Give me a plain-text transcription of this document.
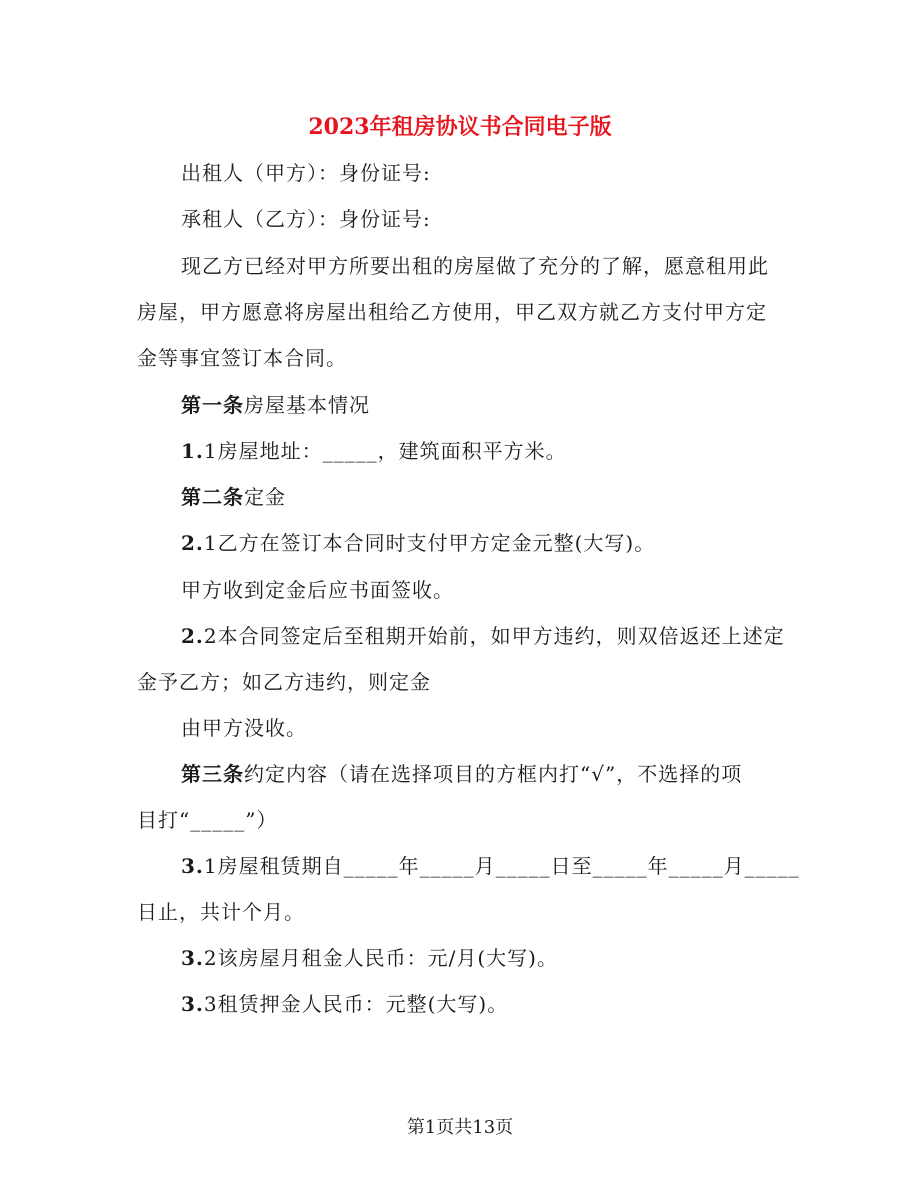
2023年租房协议书合同电子版
出租人（甲方）：身份证号:
承租人（乙方）：身份证号:
现乙方已经对甲方所要出租的房屋做了充分的了解，愿意租用此
房屋，甲方愿意将房屋出租给乙方使用，甲乙双方就乙方支付甲方定
金等事宜签订本合同。
第一条房屋基本情况
1.1房屋地址：_____，建筑面积平方米。
第二条定金
2.1乙方在签订本合同时支付甲方定金元整(大写)。
甲方收到定金后应书面签收。
2.2本合同签定后至租期开始前，如甲方违约，则双倍返还上述定
金予乙方；如乙方违约，则定金
由甲方没收。
第三条约定内容（请在选择项目的方框内打“√”，不选择的项
目打“_____”）
3.1房屋租赁期自_____年_____月_____日至_____年_____月_____
日止，共计个月。
3.2该房屋月租金人民币：元/月(大写)。
3.3租赁押金人民币：元整(大写)。
第1页共13页
